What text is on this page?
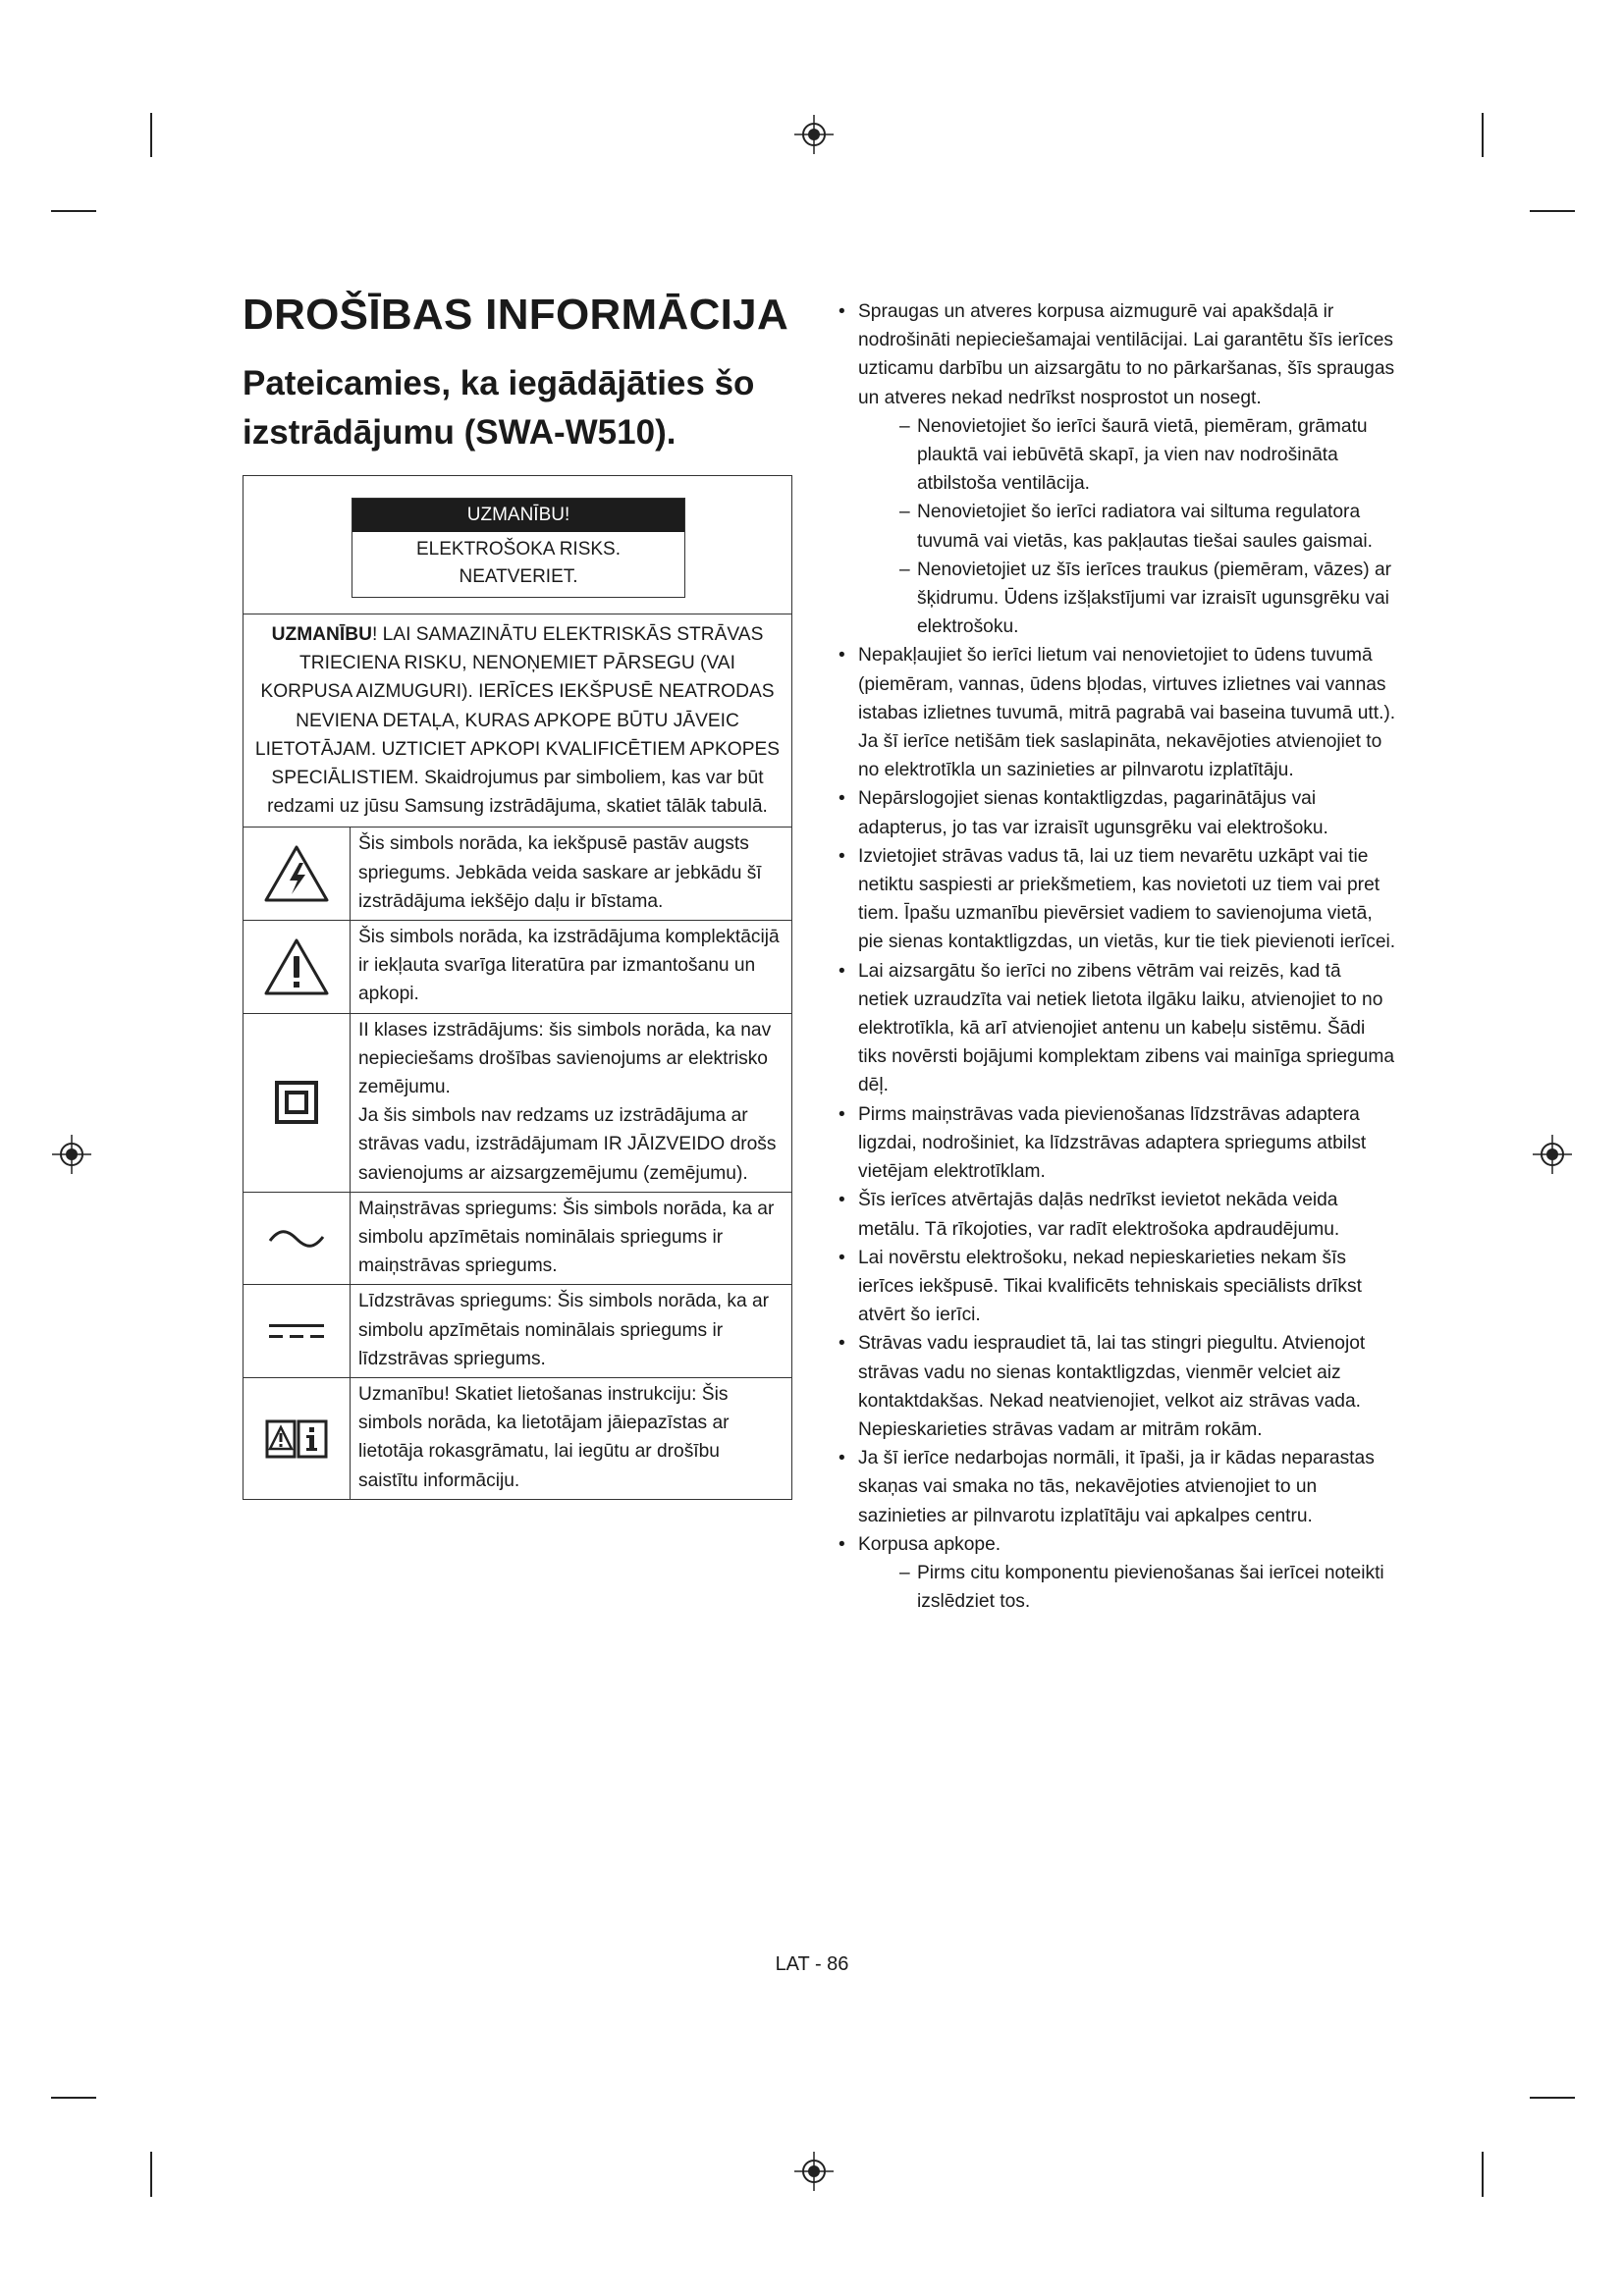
DROŠĪBAS INFORMĀCIJA
Pateicamies, ka iegādājāties šo izstrādājumu (SWA-W510).
UZMANĪBU!
ELEKTROŠOKA RISKS.
NEATVERIET.
UZMANĪBU! LAI SAMAZINĀTU ELEKTRISKĀS STRĀVAS TRIECIENA RISKU, NENOŅEMIET PĀRSEGU (VAI KORPUSA AIZMUGURI). IERĪCES IEKŠPUSĒ NEATRODAS NEVIENA DETAĻA, KURAS APKOPE BŪTU JĀVEIC LIETOTĀJAM. UZTICIET APKOPI KVALIFICĒTIEM APKOPES SPECIĀLISTIEM. Skaidrojumus par simboliem, kas var būt redzami uz jūsu Samsung izstrādājuma, skatiet tālāk tabulā.
Šis simbols norāda, ka iekšpusē pastāv augsts spriegums. Jebkāda veida saskare ar jebkādu šī izstrādājuma iekšējo daļu ir bīstama.
Šis simbols norāda, ka izstrādājuma komplektācijā ir iekļauta svarīga literatūra par izmantošanu un apkopi.
II klases izstrādājums: šis simbols norāda, ka nav nepieciešams drošības savienojums ar elektrisko zemējumu.
Ja šis simbols nav redzams uz izstrādājuma ar strāvas vadu, izstrādājumam IR JĀIZVEIDO drošs savienojums ar aizsargzemējumu (zemējumu).
Maiņstrāvas spriegums: Šis simbols norāda, ka ar simbolu apzīmētais nominālais spriegums ir maiņstrāvas spriegums.
Līdzstrāvas spriegums: Šis simbols norāda, ka ar simbolu apzīmētais nominālais spriegums ir līdzstrāvas spriegums.
Uzmanību! Skatiet lietošanas instrukciju: Šis simbols norāda, ka lietotājam jāiepazīstas ar lietotāja rokasgrāmatu, lai iegūtu ar drošību saistītu informāciju.
• Spraugas un atveres korpusa aizmugurē vai apakšdaļā ir nodrošināti nepieciešamajai ventilācijai. Lai garantētu šīs ierīces uzticamu darbību un aizsargātu to no pārkaršanas, šīs spraugas un atveres nekad nedrīkst nosprostot un nosegt.

– Nenovietojiet šo ierīci šaurā vietā, piemēram, grāmatu plauktā vai iebūvētā skapī, ja vien nav nodrošināta atbilstoša ventilācija.

– Nenovietojiet šo ierīci radiatora vai siltuma regulatora tuvumā vai vietās, kas pakļautas tiešai saules gaismai.

– Nenovietojiet uz šīs ierīces traukus (piemēram, vāzes) ar šķidrumu. Ūdens izšļakstījumi var izraisīt ugunsgrēku vai elektrošoku.

• Nepakļaujiet šo ierīci lietum vai nenovietojiet to ūdens tuvumā (piemēram, vannas, ūdens bļodas, virtuves izlietnes vai vannas istabas izlietnes tuvumā, mitrā pagrabā vai baseina tuvumā utt.). Ja šī ierīce netišām tiek saslapināta, nekavējoties atvienojiet to no elektrotīkla un sazinieties ar pilnvarotu izplatītāju.
• Nepārslogojiet sienas kontaktligzdas, pagarinātājus vai adapterus, jo tas var izraisīt ugunsgrēku vai elektrošoku.
• Izvietojiet strāvas vadus tā, lai uz tiem nevarētu uzkāpt vai tie netiktu saspiesti ar priekšmetiem, kas novietoti uz tiem vai pret tiem. Īpašu uzmanību pievērsiet vadiem to savienojuma vietā, pie sienas kontaktligzdas, un vietās, kur tie tiek pievienoti ierīcei.
• Lai aizsargātu šo ierīci no zibens vētrām vai reizēs, kad tā netiek uzraudzīta vai netiek lietota ilgāku laiku, atvienojiet to no elektrotīkla, kā arī atvienojiet antenu un kabeļu sistēmu. Šādi tiks novērsti bojājumi komplektam zibens vai mainīga sprieguma dēļ.
• Pirms maiņstrāvas vada pievienošanas līdzstrāvas adaptera ligzdai, nodrošiniet, ka līdzstrāvas adaptera spriegums atbilst vietējam elektrotīklam.
• Šīs ierīces atvērtajās daļās nedrīkst ievietot nekāda veida metālu. Tā rīkojoties, var radīt elektrošoka apdraudējumu.
• Lai novērstu elektrošoku, nekad nepieskarieties nekam šīs ierīces iekšpusē. Tikai kvalificēts tehniskais speciālists drīkst atvērt šo ierīci.
• Strāvas vadu iespraudiet tā, lai tas stingri piegultu. Atvienojot strāvas vadu no sienas kontaktligzdas, vienmēr velciet aiz kontaktdakšas. Nekad neatvienojiet, velkot aiz strāvas vada. Nepieskarieties strāvas vadam ar mitrām rokām.
• Ja šī ierīce nedarbojas normāli, it īpaši, ja ir kādas neparastas skaņas vai smaka no tās, nekavējoties atvienojiet to un sazinieties ar pilnvarotu izplatītāju vai apkalpes centru.
• Korpusa apkope.

– Pirms citu komponentu pievienošanas šai ierīcei noteikti izslēdziet tos.

LAT - 86
